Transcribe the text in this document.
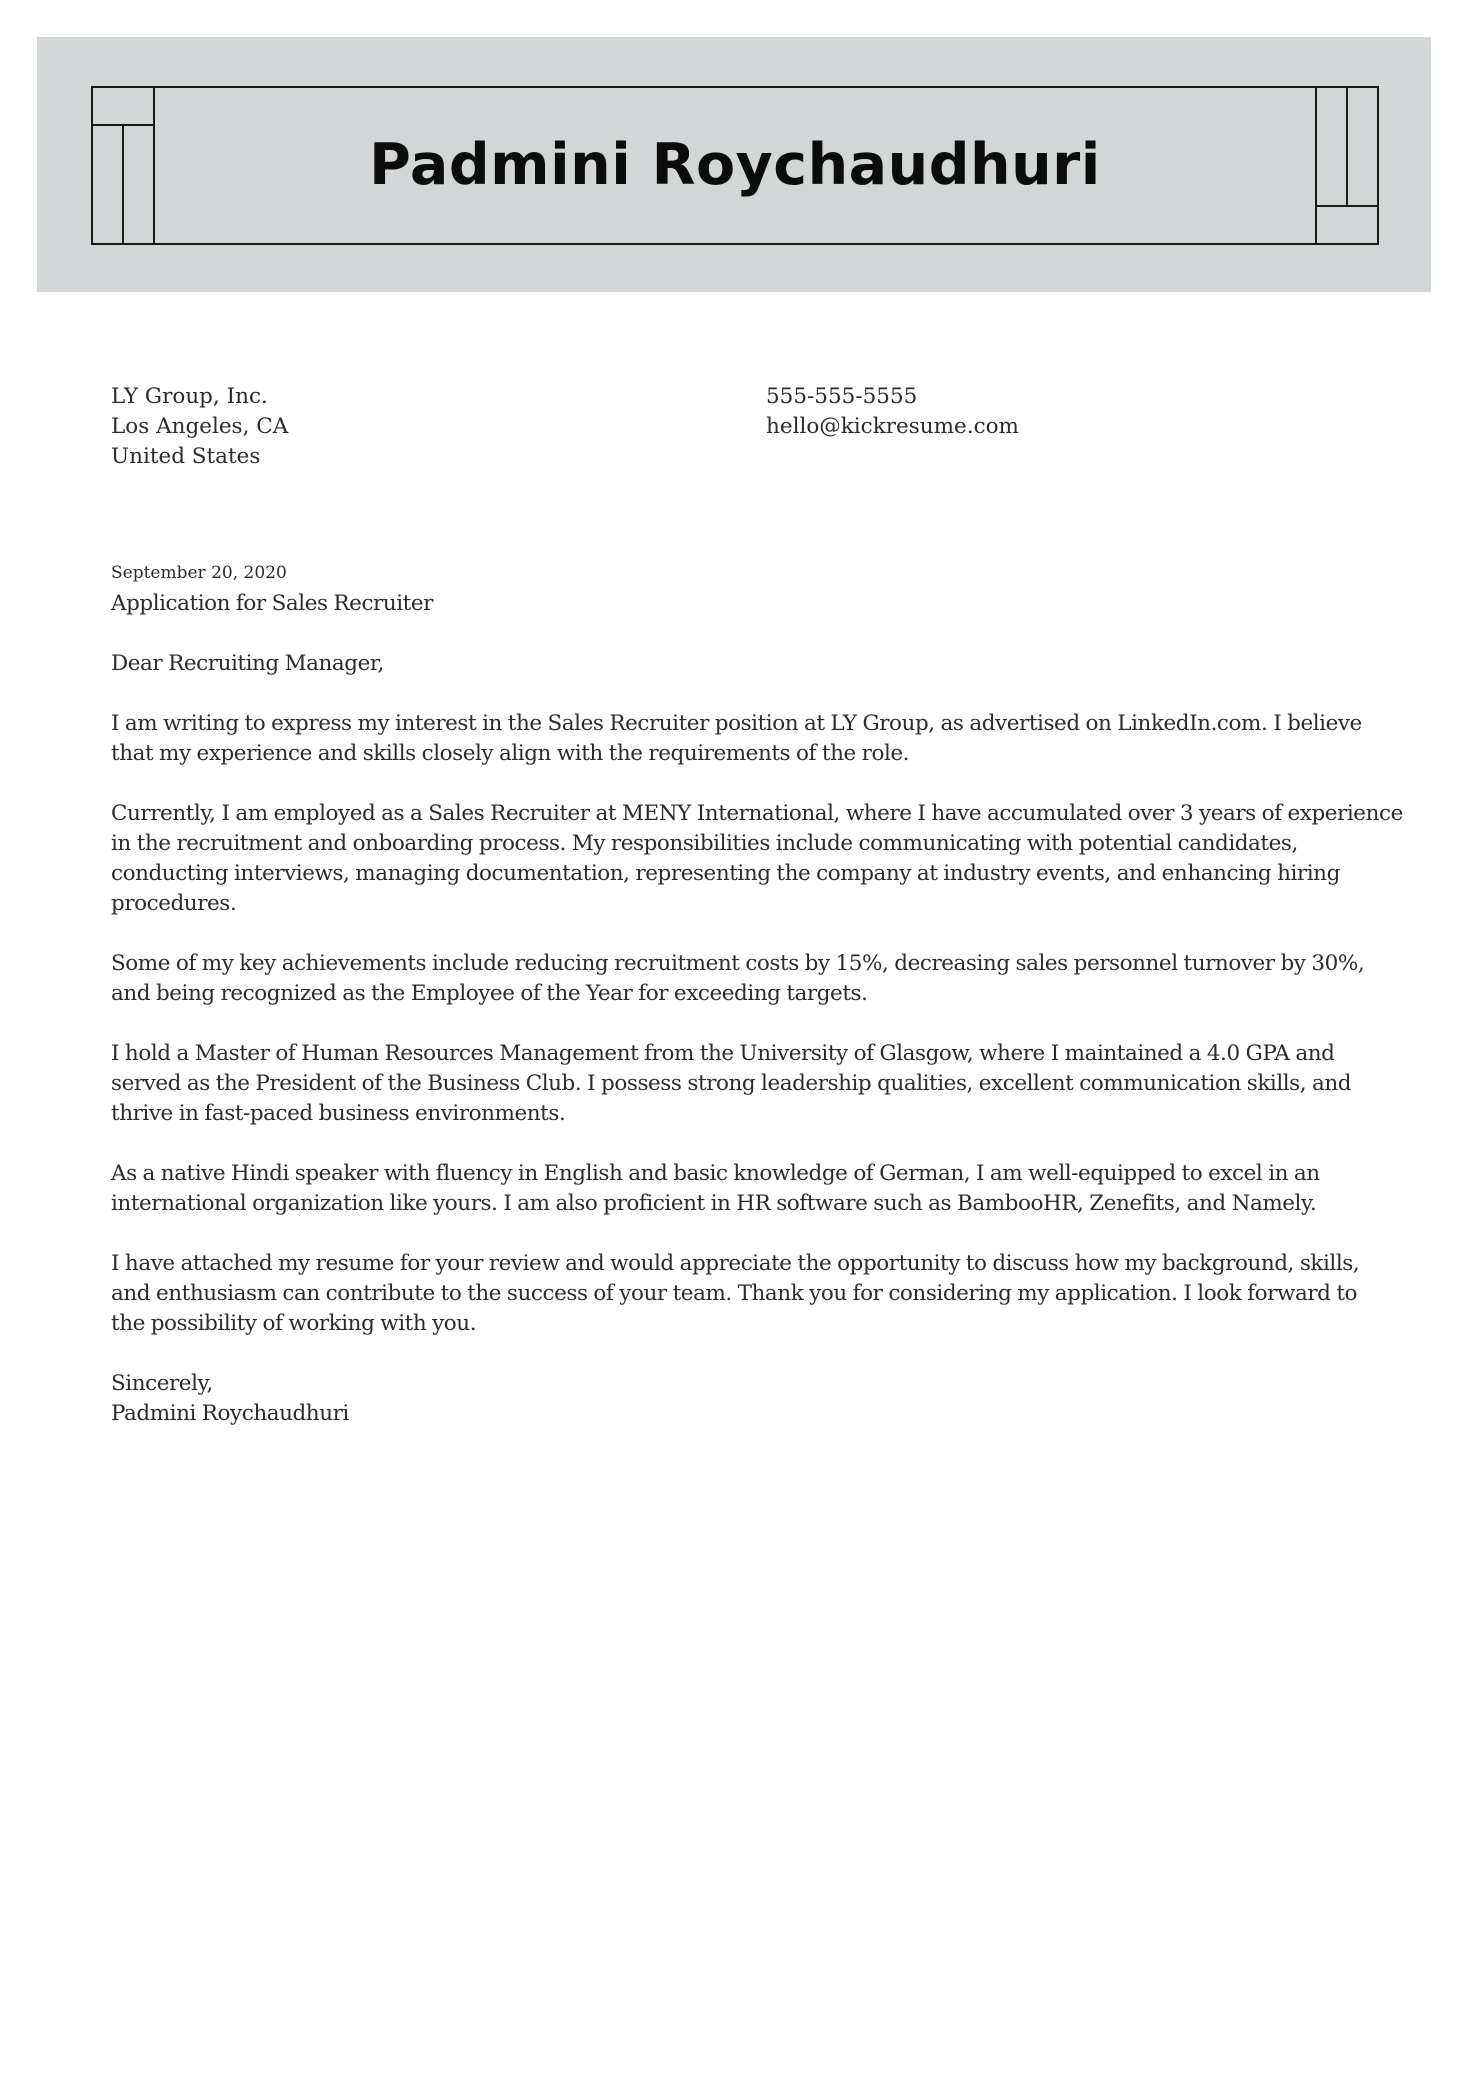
Padmini Roychaudhuri
LY Group, Inc.
Los Angeles, CA
United States
555-555-5555
hello@kickresume.com
September 20, 2020

Application for Sales Recruiter

Dear Recruiting Manager,

I am writing to express my interest in the Sales Recruiter position at LY Group, as advertised on LinkedIn.com. I believe
that my experience and skills closely align with the requirements of the role.

Currently, I am employed as a Sales Recruiter at MENY International, where I have accumulated over 3 years of experience
in the recruitment and onboarding process. My responsibilities include communicating with potential candidates,
conducting interviews, managing documentation, representing the company at industry events, and enhancing hiring
procedures.

Some of my key achievements include reducing recruitment costs by 15%, decreasing sales personnel turnover by 30%,
and being recognized as the Employee of the Year for exceeding targets.

I hold a Master of Human Resources Management from the University of Glasgow, where I maintained a 4.0 GPA and
served as the President of the Business Club. I possess strong leadership qualities, excellent communication skills, and
thrive in fast-paced business environments.

As a native Hindi speaker with fluency in English and basic knowledge of German, I am well-equipped to excel in an
international organization like yours. I am also proficient in HR software such as BambooHR, Zenefits, and Namely.

I have attached my resume for your review and would appreciate the opportunity to discuss how my background, skills,
and enthusiasm can contribute to the success of your team. Thank you for considering my application. I look forward to
the possibility of working with you.

Sincerely,
Padmini Roychaudhuri
